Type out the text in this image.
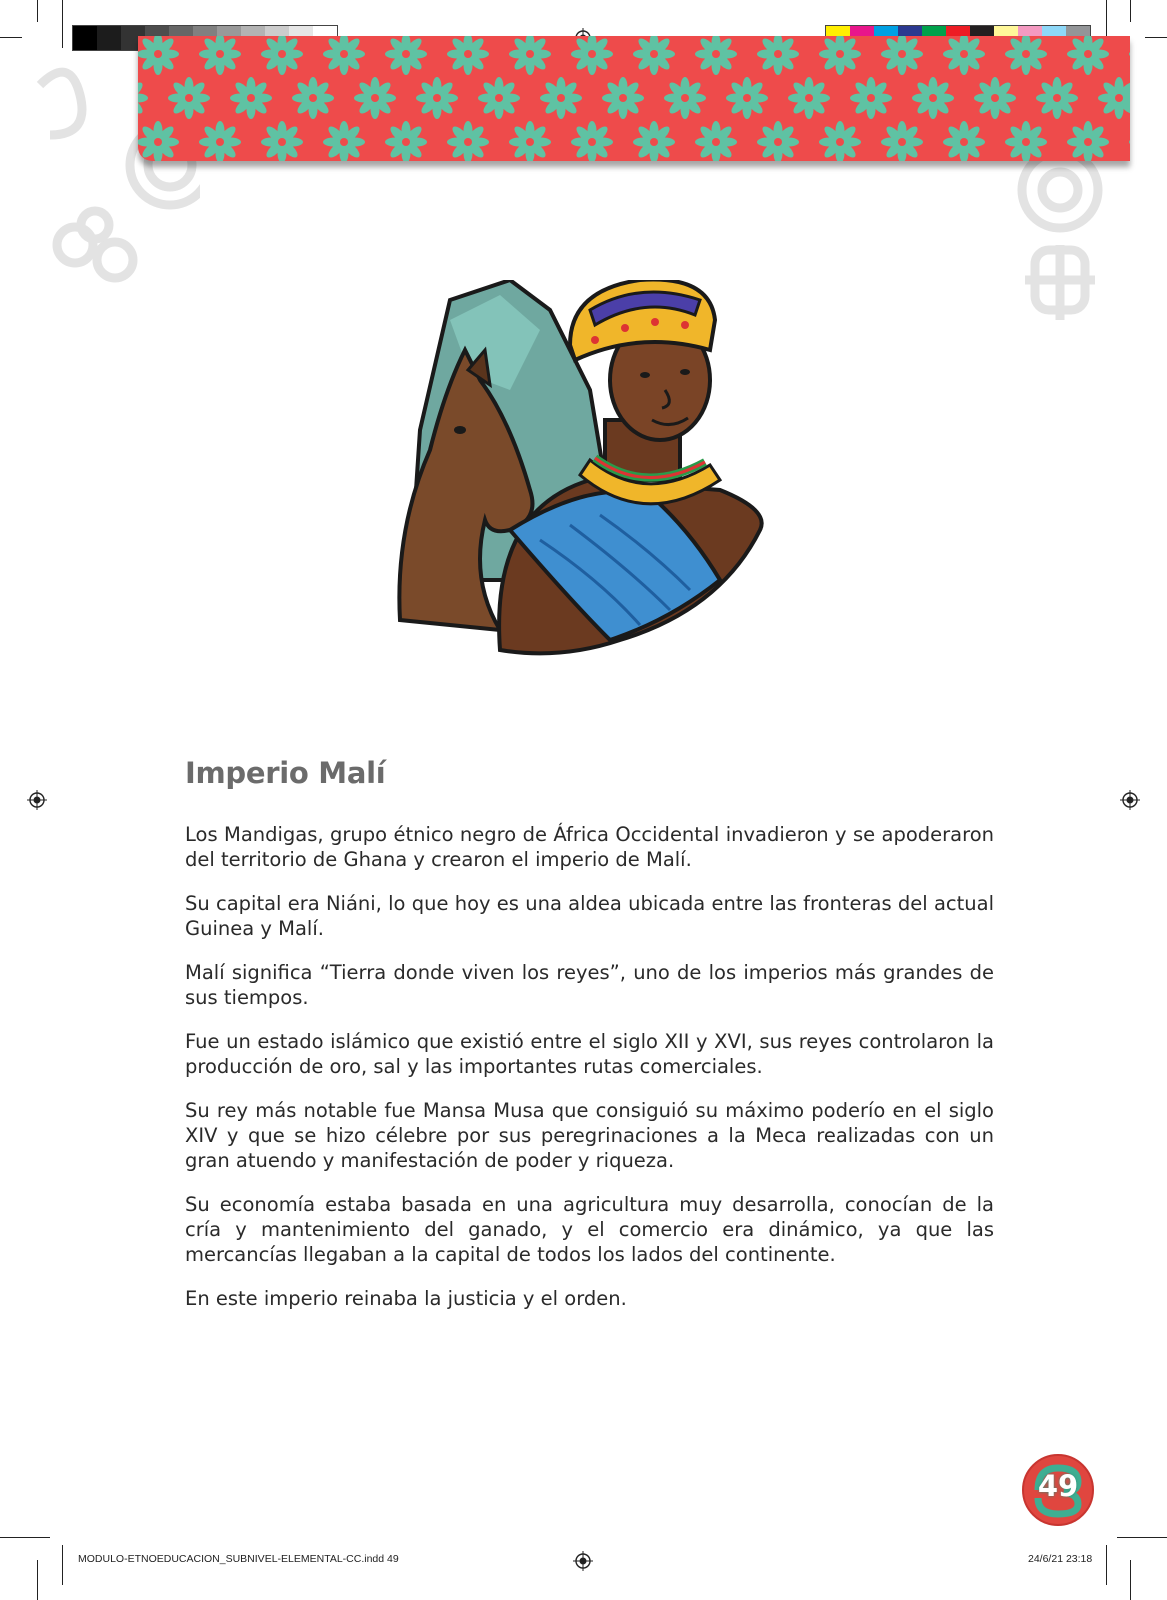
Imperio Malí

Los Mandigas, grupo étnico negro de África Occidental invadieron y se apoderaron del territorio de Ghana y crearon el imperio de Malí.

Su capital era Niáni, lo que hoy es una aldea ubicada entre las fronteras del actual Guinea y Malí.

Malí significa “Tierra donde viven los reyes”, uno de los imperios más grandes de sus tiempos.

Fue un estado islámico que existió entre el siglo XII y XVI, sus reyes controlaron la producción de oro, sal y las importantes rutas comerciales.

Su rey más notable fue Mansa Musa que consiguió su máximo poderío en el siglo XIV y que se hizo célebre por sus peregrinaciones a la Meca realizadas con un gran atuendo y manifestación de poder y riqueza.

Su economía estaba basada en una agricultura muy desarrolla, conocían de la cría y mantenimiento del ganado, y el comercio era dinámico, ya que las mercancías llegaban a la capital de todos los lados del continente.

En este imperio reinaba la justicia y el orden.

49
MODULO-ETNOEDUCACION_SUBNIVEL-ELEMENTAL-CC.indd 49	24/6/21 23:18
